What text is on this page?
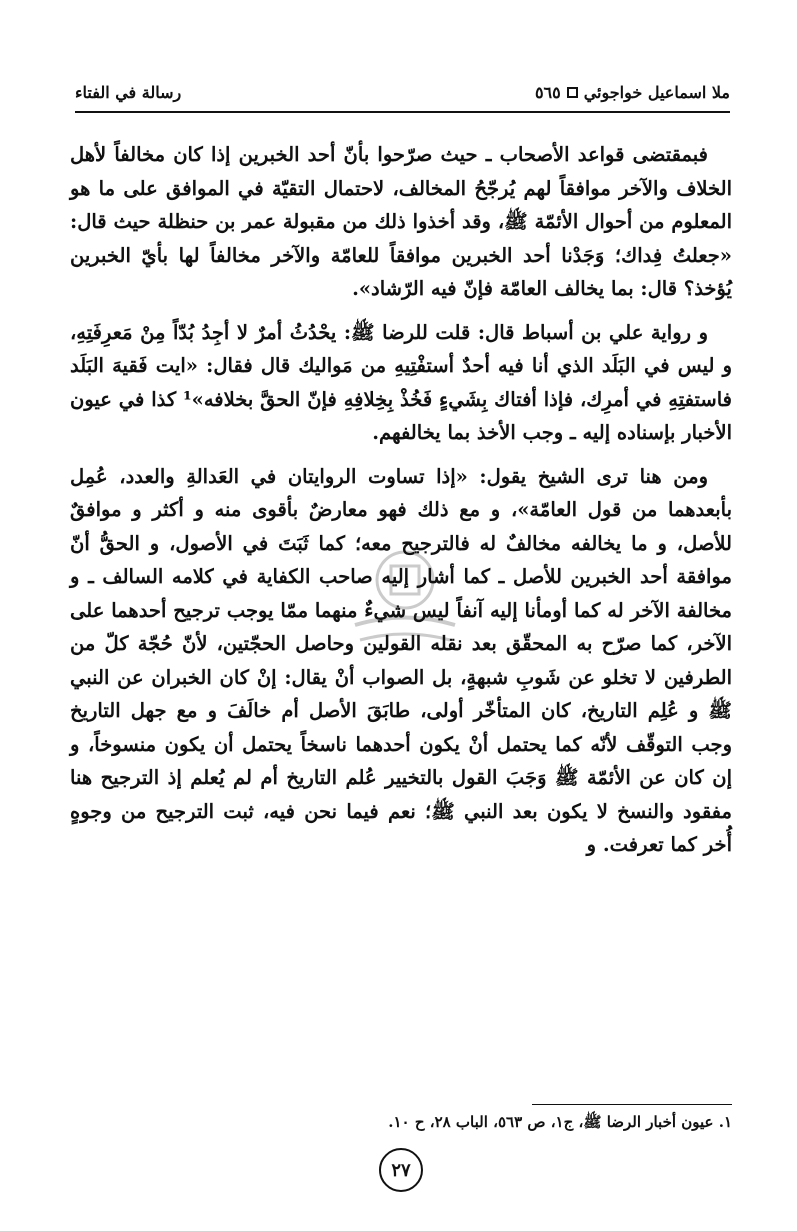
رسالة في الفتاء	ملا اسماعيل خواجوئي
٥٦٥

فبمقتضى قواعد الأصحاب ـ حيث صرّحوا بأنّ أحد الخبرين إذا كان مخالفاً لأهل الخلاف والآخر موافقاً لهم يُرجّحُ المخالف، لاحتمال التقيّة في الموافق على ما هو المعلوم من أحوال الأئمّة ﷺ، وقد أخذوا ذلك من مقبولة عمر بن حنظلة حيث قال: «جعلتُ فِداك؛ وَجَدْنا أحد الخبرين موافقاً للعامّة والآخر مخالفاً لها بأيّ الخبرين يُؤخذ؟ قال: بما يخالف العامّة فإنّ فيه الرّشاد».

و رواية علي بن أسباط قال: قلت للرضا ﷺ: يحْدُثُ أمرٌ لا أجِدُ بُدّاً مِنْ مَعرِفَتِهِ، و ليس في البَلَد الذي أنا فيه أحدٌ أستفْتِيهِ من مَواليك قال فقال: «ايت فَقيهَ البَلَد فاستفتِهِ في أمرِك، فإذا أفتاك بِشَيءٍ فَخُذْ بِخِلافِهِ فإنّ الحقَّ بخلافه»¹ كذا في عيون الأخبار بإسناده إليه ـ وجب الأخذ بما يخالفهم.

ومن هنا ترى الشيخ يقول: «إذا تساوت الروايتان في العَدالةِ والعدد، عُمِل بأبعدهما من قول العامّة»، و مع ذلك فهو معارضٌ بأقوى منه و أكثر و موافقٌ للأصل، و ما يخالفه مخالفٌ له فالترجيح معه؛ كما ثَبَتَ في الأصول، و الحقُّ أنّ موافقة أحد الخبرين للأصل ـ كما أشار إليه صاحب الكفاية في كلامه السالف ـ و مخالفة الآخر له كما أومأنا إليه آنفاً ليس شيءٌ منهما ممّا يوجب ترجيح أحدهما على الآخر، كما صرّح به المحقّق بعد نقله القولين وحاصل الحجّتين، لأنّ حُجّة كلّ من الطرفين لا تخلو عن شَوبِ شبهةٍ، بل الصواب أنْ يقال: إنْ كان الخبران عن النبي ﷺ و عُلِم التاريخ، كان المتأخّر أولى، طابَقَ الأصل أم خالَفَ و مع جهل التاريخ وجب التوقّف لأنّه كما يحتمل أنْ يكون أحدهما ناسخاً يحتمل أن يكون منسوخاً، و إن كان عن الأئمّة ﷺ وَجَبَ القول بالتخيير عُلم التاريخ أم لم يُعلم إذ الترجيح هنا مفقود والنسخ لا يكون بعد النبي ﷺ؛ نعم فيما نحن فيه، ثبت الترجيح من وجوهٍ أُخر كما تعرفت. و

١. عيون أخبار الرضا ﷺ، ج١، ص ٥٦٣، الباب ٢٨، ح ١٠.
٢٧
